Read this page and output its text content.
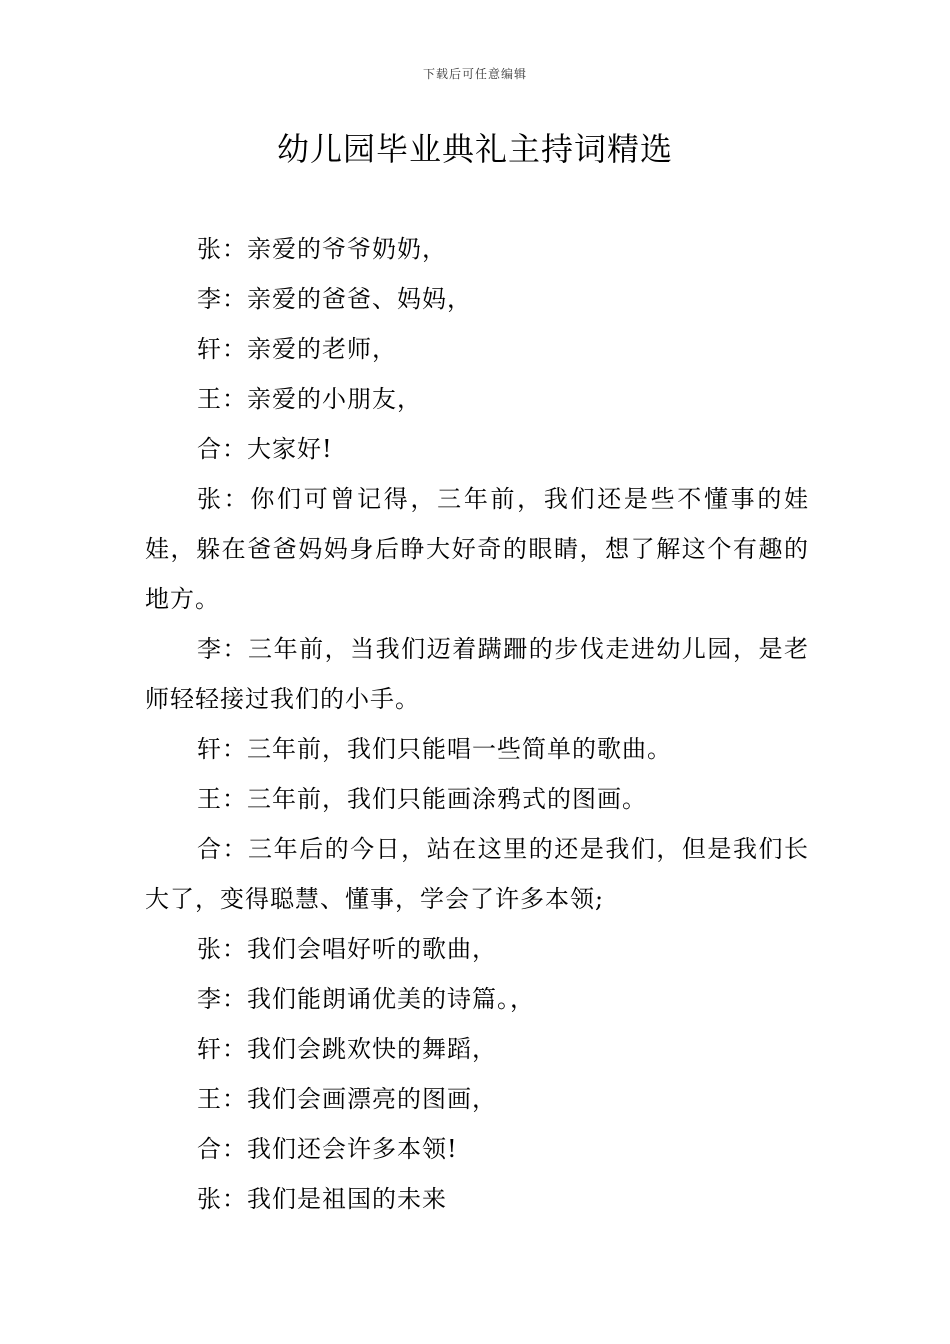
下载后可任意编辑
幼儿园毕业典礼主持词精选

张：亲爱的爷爷奶奶，

李：亲爱的爸爸、妈妈，

轩：亲爱的老师，

王：亲爱的小朋友，

合：大家好!

张：你们可曾记得，三年前，我们还是些不懂事的娃娃，躲在爸爸妈妈身后睁大好奇的眼睛，想了解这个有趣的地方。

李：三年前，当我们迈着蹒跚的步伐走进幼儿园，是老师轻轻接过我们的小手。

轩：三年前，我们只能唱一些简单的歌曲。

王：三年前，我们只能画涂鸦式的图画。

合：三年后的今日，站在这里的还是我们，但是我们长大了，变得聪慧、懂事，学会了许多本领;

张：我们会唱好听的歌曲，

李：我们能朗诵优美的诗篇。，

轩：我们会跳欢快的舞蹈，

王：我们会画漂亮的图画，

合：我们还会许多本领!

张：我们是祖国的未来
